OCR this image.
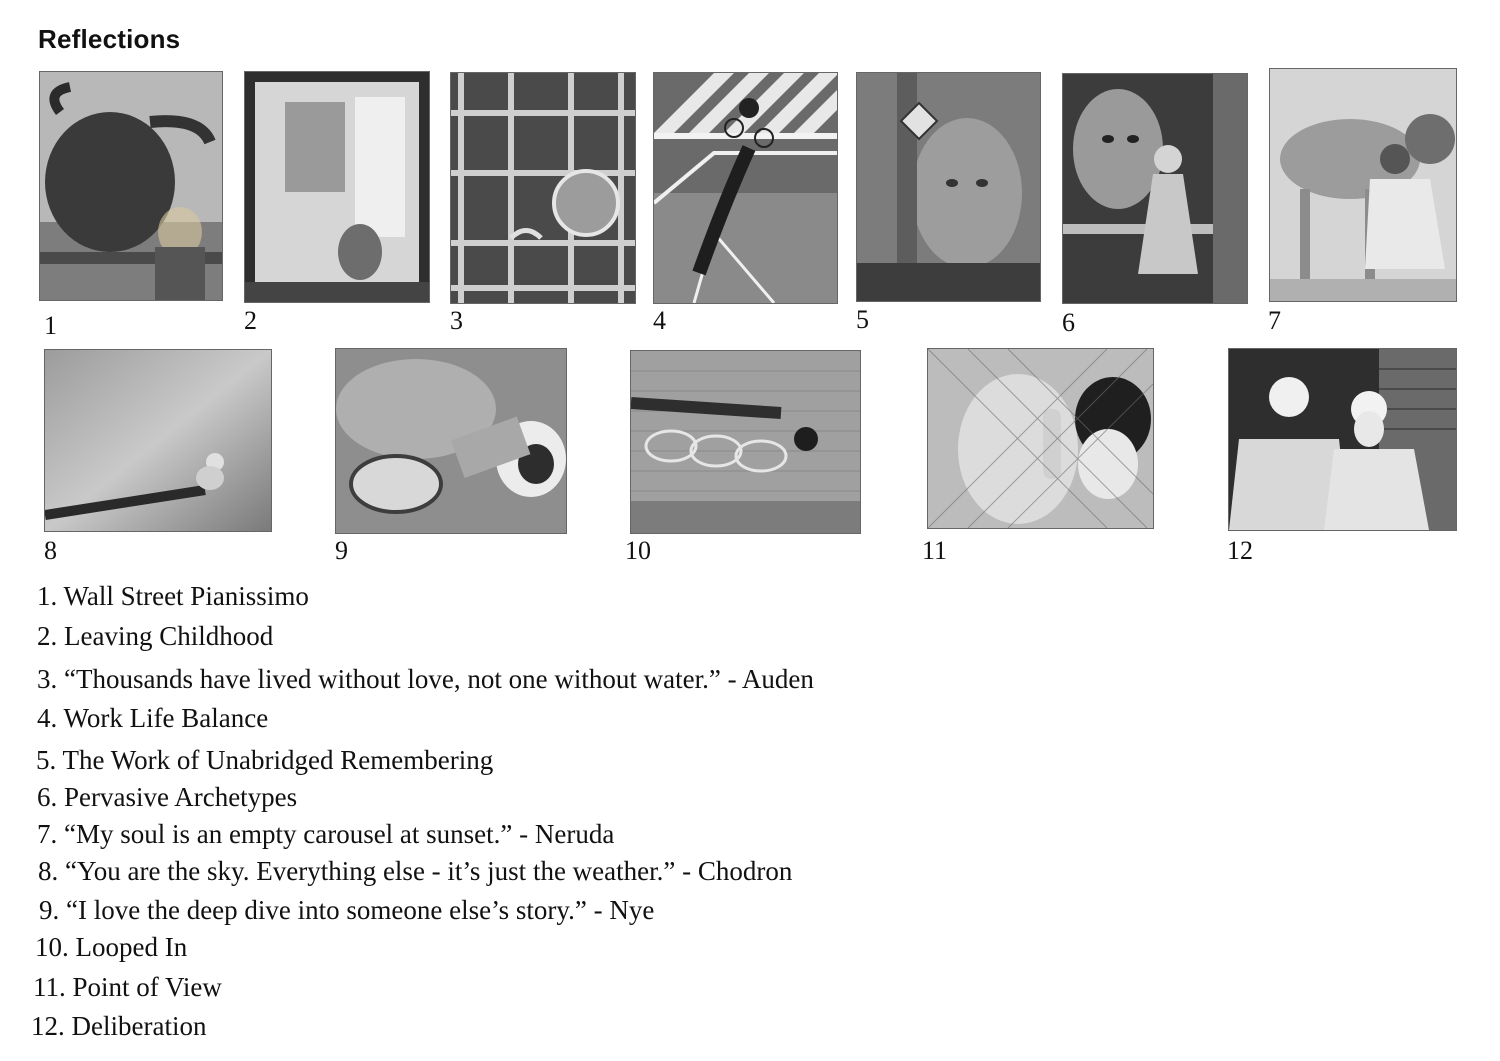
Reflections
1	2	3	4	5	6	7
8	9	10	11	12
1. Wall Street Pianissimo
2. Leaving Childhood
3. “Thousands have lived without love, not one without water.” - Auden
4. Work Life Balance
5. The Work of Unabridged Remembering
6. Pervasive Archetypes
7. “My soul is an empty carousel at sunset.” - Neruda
8. “You are the sky. Everything else - it’s just the weather.” - Chodron
9. “I love the deep dive into someone else’s story.” - Nye
10. Looped In
11. Point of View
12. Deliberation
